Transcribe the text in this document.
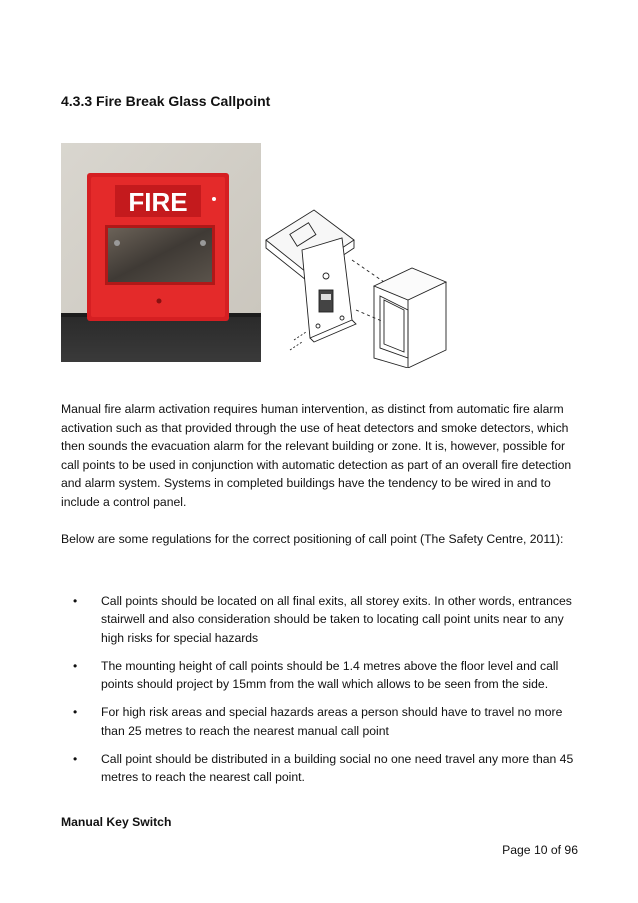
4.3.3 Fire Break Glass Callpoint
FIRE

Manual fire alarm activation requires human intervention, as distinct from automatic fire alarm activation such as that provided through the use of heat detectors and smoke detectors, which then sounds the evacuation alarm for the relevant building or zone. It is, however, possible for call points to be used in conjunction with automatic detection as part of an overall fire detection and alarm system. Systems in completed buildings have the tendency to be wired in and to include a control panel.

Below are some regulations for the correct positioning of call point (The Safety Centre, 2011):

• Call points should be located on all final exits, all storey exits. In other words, entrances stairwell and also consideration should be taken to locating call point units near to any high risks for special hazards
• The mounting height of call points should be 1.4 metres above the floor level and call points should project by 15mm from the wall which allows to be seen from the side.
• For high risk areas and special hazards areas a person should have to travel no more than 25 metres to reach the nearest manual call point
• Call point should be distributed in a building social no one need travel any more than 45 metres to reach the nearest call point.
Manual Key Switch

Page 10 of 96
